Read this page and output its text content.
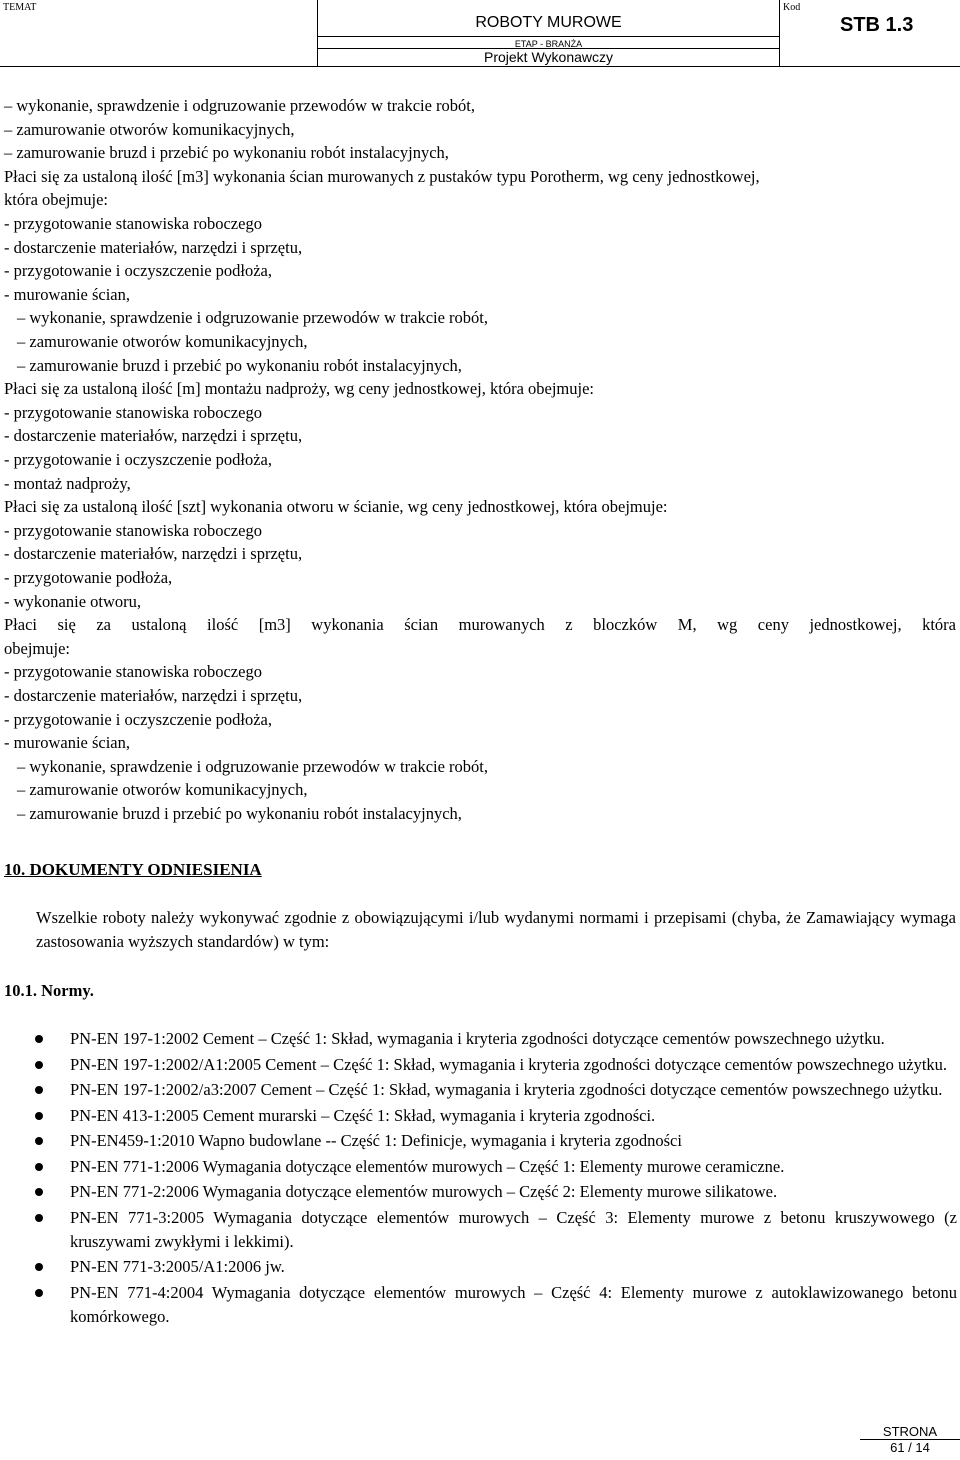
TEMAT
ROBOTY MUROWE
ETAP - BRANŻA
Projekt Wykonawczy
Kod
STB 1.3
– wykonanie, sprawdzenie i odgruzowanie przewodów w trakcie robót,
– zamurowanie otworów komunikacyjnych,
– zamurowanie bruzd i przebić po wykonaniu robót instalacyjnych,
Płaci się za ustaloną ilość [m3] wykonania ścian murowanych z pustaków typu Porotherm, wg ceny jednostkowej,
która obejmuje:
- przygotowanie stanowiska roboczego
- dostarczenie materiałów, narzędzi i sprzętu,
- przygotowanie i oczyszczenie podłoża,
- murowanie ścian,
– wykonanie, sprawdzenie i odgruzowanie przewodów w trakcie robót,
– zamurowanie otworów komunikacyjnych,
– zamurowanie bruzd i przebić po wykonaniu robót instalacyjnych,
Płaci się za ustaloną ilość [m] montażu nadproży, wg ceny jednostkowej, która obejmuje:
- przygotowanie stanowiska roboczego
- dostarczenie materiałów, narzędzi i sprzętu,
- przygotowanie i oczyszczenie podłoża,
- montaż nadproży,
Płaci się za ustaloną ilość [szt] wykonania otworu w ścianie, wg ceny jednostkowej, która obejmuje:
- przygotowanie stanowiska roboczego
- dostarczenie materiałów, narzędzi i sprzętu,
- przygotowanie podłoża,
- wykonanie otworu,
Płaci się za ustaloną ilość [m3] wykonania ścian murowanych z bloczków M, wg ceny jednostkowej, która
obejmuje:
- przygotowanie stanowiska roboczego
- dostarczenie materiałów, narzędzi i sprzętu,
- przygotowanie i oczyszczenie podłoża,
- murowanie ścian,
– wykonanie, sprawdzenie i odgruzowanie przewodów w trakcie robót,
– zamurowanie otworów komunikacyjnych,
– zamurowanie bruzd i przebić po wykonaniu robót instalacyjnych,
10. DOKUMENTY ODNIESIENIA
Wszelkie roboty należy wykonywać zgodnie z obowiązującymi i/lub wydanymi normami i przepisami (chyba, że Zamawiający wymaga zastosowania wyższych standardów) w tym:
10.1. Normy.
PN-EN 197-1:2002 Cement – Część 1: Skład, wymagania i kryteria zgodności dotyczące cementów powszechnego użytku.
PN-EN 197-1:2002/A1:2005 Cement – Część 1: Skład, wymagania i kryteria zgodności dotyczące cementów powszechnego użytku.
PN-EN 197-1:2002/a3:2007 Cement – Część 1: Skład, wymagania i kryteria zgodności dotyczące cementów powszechnego użytku.
PN-EN 413-1:2005 Cement murarski – Część 1: Skład, wymagania i kryteria zgodności.
PN-EN459-1:2010 Wapno budowlane -- Część 1: Definicje, wymagania i kryteria zgodności
PN-EN 771-1:2006 Wymagania dotyczące elementów murowych – Część 1: Elementy murowe ceramiczne.
PN-EN 771-2:2006 Wymagania dotyczące elementów murowych – Część 2: Elementy murowe silikatowe.
PN-EN 771-3:2005 Wymagania dotyczące elementów murowych – Część 3: Elementy murowe z betonu kruszywowego (z kruszywami zwykłymi i lekkimi).
PN-EN 771-3:2005/A1:2006 jw.
PN-EN 771-4:2004 Wymagania dotyczące elementów murowych – Część 4: Elementy murowe z autoklawizowanego betonu komórkowego.
STRONA
61 / 14
